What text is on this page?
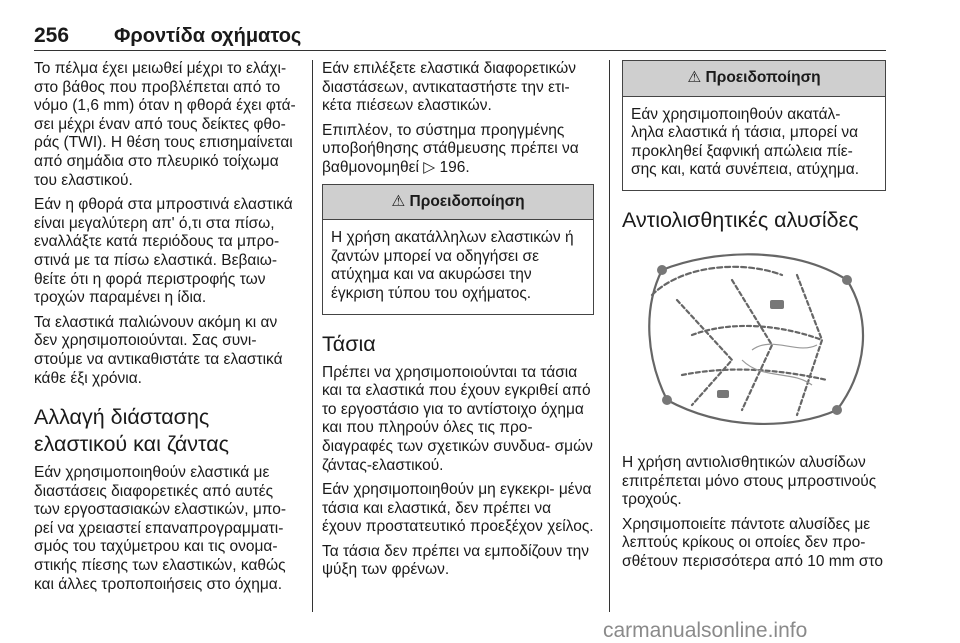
256 Φροντίδα οχήματος

Το πέλμα έχει μειωθεί μέχρι το ελάχι- στο βάθος που προβλέπεται από το νόμο (1,6 mm) όταν η φθορά έχει φτά- σει μέχρι έναν από τους δείκτες φθο- ράς (TWI). Η θέση τους επισημαίνεται από σημάδια στο πλευρικό τοίχωμα του ελαστικού.

Εάν η φθορά στα μπροστινά ελαστικά είναι μεγαλύτερη απ' ό,τι στα πίσω, εναλλάξτε κατά περιόδους τα μπρο- στινά με τα πίσω ελαστικά. Βεβαιω- θείτε ότι η φορά περιστροφής των τροχών παραμένει η ίδια.

Τα ελαστικά παλιώνουν ακόμη κι αν δεν χρησιμοποιούνται. Σας συνι- στούμε να αντικαθιστάτε τα ελαστικά κάθε έξι χρόνια.

Αλλαγή διάστασης ελαστικού και ζάντας

Εάν χρησιμοποιηθούν ελαστικά με διαστάσεις διαφορετικές από αυτές των εργοστασιακών ελαστικών, μπο- ρεί να χρειαστεί επαναπρογραμματι- σμός του ταχύμετρου και τις ονομα- στικής πίεσης των ελαστικών, καθώς και άλλες τροποποιήσεις στο όχημα.

Εάν επιλέξετε ελαστικά διαφορετικών διαστάσεων, αντικαταστήστε την ετι- κέτα πιέσεων ελαστικών.

Επιπλέον, το σύστημα προηγμένης υποβοήθησης στάθμευσης πρέπει να βαθμονομηθεί ▷ 196.

⚠ Προειδοποίηση

Η χρήση ακατάλληλων ελαστικών ή ζαντών μπορεί να οδηγήσει σε ατύχημα και να ακυρώσει την έγκριση τύπου του οχήματος.

Τάσια

Πρέπει να χρησιμοποιούνται τα τάσια και τα ελαστικά που έχουν εγκριθεί από το εργοστάσιο για το αντίστοιχο όχημα και που πληρούν όλες τις προ- διαγραφές των σχετικών συνδυα- σμών ζάντας-ελαστικού.

Εάν χρησιμοποιηθούν μη εγκεκρι- μένα τάσια και ελαστικά, δεν πρέπει να έχουν προστατευτικό προεξέχον χείλος.

Τα τάσια δεν πρέπει να εμποδίζουν την ψύξη των φρένων.

⚠ Προειδοποίηση

Εάν χρησιμοποιηθούν ακατάλ- ληλα ελαστικά ή τάσια, μπορεί να προκληθεί ξαφνική απώλεια πίε- σης και, κατά συνέπεια, ατύχημα.

Αντιολισθητικές αλυσίδες

Η χρήση αντιολισθητικών αλυσίδων επιτρέπεται μόνο στους μπροστινούς τροχούς.

Χρησιμοποιείτε πάντοτε αλυσίδες με λεπτούς κρίκους οι οποίες δεν προ- σθέτουν περισσότερα από 10 mm στο

carmanualsonline.info
